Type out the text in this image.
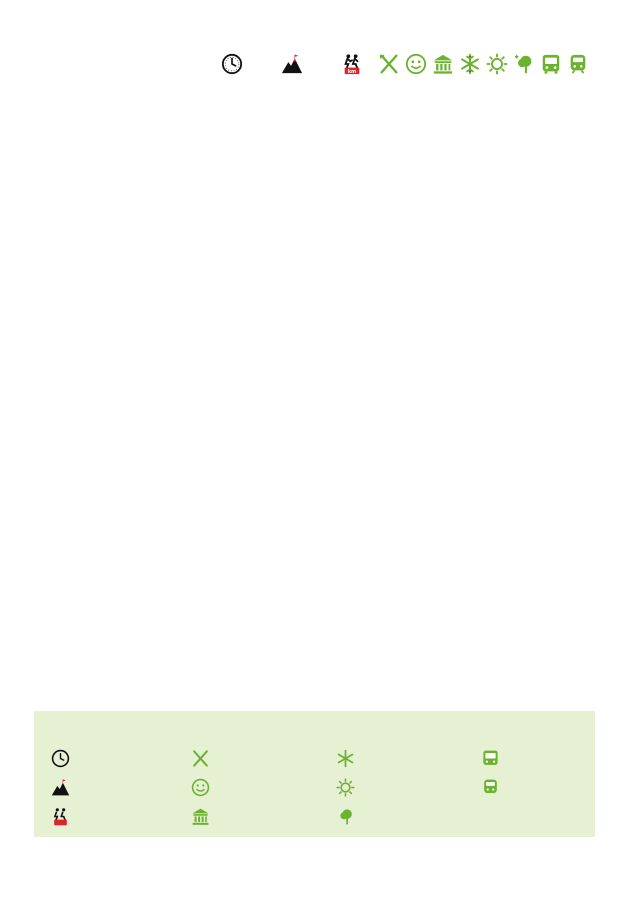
km
